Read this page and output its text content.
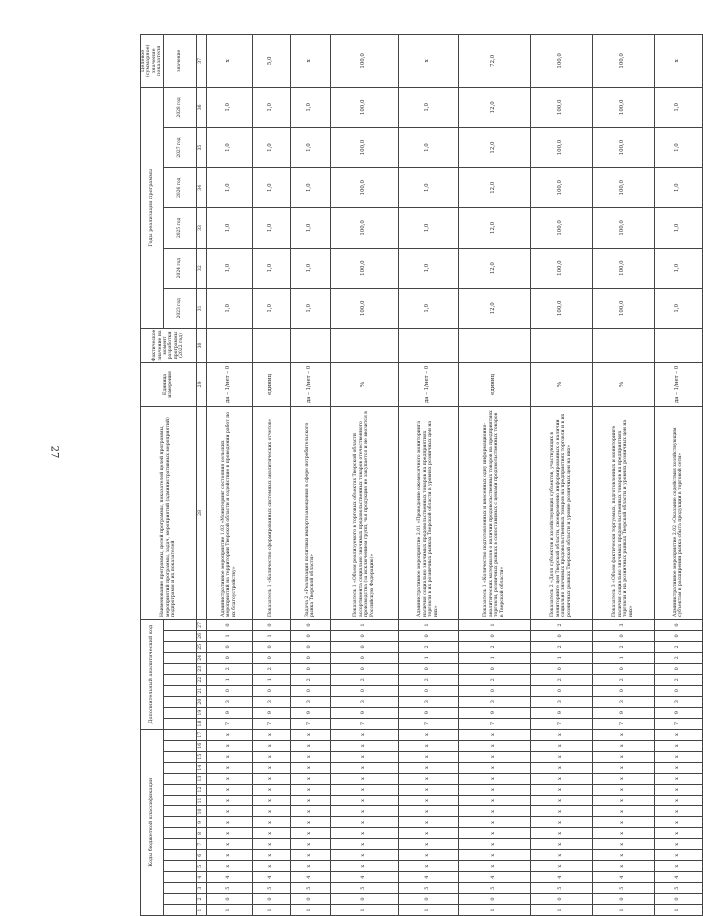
27
Коды бюджетной классификации																	Дополнительный аналитический код										Наименование программы, целей программы, показателей целей программы, мероприятий программы, задач, мероприятий (административных мероприятий) подпрограмм и их показателей	Единица измерения	Фактическое значение на момент разработки программы (2022 год)	Годы реализации программы						Целевое (суммарное) значение показателя
																														2023 год	2024 год	2025 год	2026 год	2027 год	2028 год	значение
1	2	3	4	5	6	7	8	9	10	11	12	13	14	15	16	17	18	19	20	21	22	23	24	25	26	27	28	29	30	31	32	33	34	35	36	37
1	0	5	4	x	x	x	x	x	x	x	x	x	x	x	x	x	7	9	3	0	1	2	0	0	1	0	Административное мероприятие 1.03 «Мониторинг состояния сельских мероприятий на территории Тверской области и содействие в проведении работ по их благоустройству»	да – 1/нет – 0		1,0	1,0	1,0	1,0	1,0	1,0	x
1	0	5	4	x	x	x	x	x	x	x	x	x	x	x	x	x	7	9	3	0	1	2	0	0	1	0	Показатель 1 «Количество сформированных системных аналитических отчетов»	единиц		1,0	1,0	1,0	1,0	1,0	1,0	5,0
1	0	5	4	x	x	x	x	x	x	x	x	x	x	x	x	x	7	9	3	0	2	0	0	0	0	0	Задача 2 «Реализация политики импортозамещения в сфере потребительского рынка Тверской области»	да – 1/нет – 0		1,0	1,0	1,0	1,0	1,0	1,0	x
1	0	5	4	x	x	x	x	x	x	x	x	x	x	x	x	x	7	9	3	0	2	0	0	0	0	1	Показатель 1 «Объем реализуемого в торговых объектах Тверской области ассортимента социально значимых продовольственных товаров отечественного производства (за исключением групп, чья продукция не закупается и не ввозится в Российскую Федерацию)»	%		100,0	100,0	100,0	100,0	100,0	100,0	100,0
1	0	5	4	x	x	x	x	x	x	x	x	x	x	x	x	x	7	9	3	0	2	0	1	2	0	1	Административное мероприятие 2.01 «Проведение ежемесячного мониторинга наличия социально значимых продовольственных товаров на предприятиях торговли в их розничных рынках Тверской области в уровнях розничных цен на них»	да – 1/нет – 0		1,0	1,0	1,0	1,0	1,0	1,0	x
1	0	5	4	x	x	x	x	x	x	x	x	x	x	x	x	x	7	9	3	0	2	0	1	2	0	1	Показатель 1 «Количество подготовленных и внесенных одну информационно-аналитических материалов о наличии продовольственных товаров на предприятиях торговли, розничных рынках в сопоставимых с ценами продовольственных товаров в Тверской области»	единиц		12,0	12,0	12,0	12,0	12,0	12,0	72,0
1	0	5	4	x	x	x	x	x	x	x	x	x	x	x	x	x	7	9	3	0	2	0	1	2	0	2	Показатель 2 «Доля субъектов и хозяйствующих субъектов, участвующих в мониторинге цен Тверской области, своевременно информированных о наличии социально значимых продовольственных товаров на предприятиях торговли и в их розничных рынках Тверской области и уровне розничных цен на них»	%		100,0	100,0	100,0	100,0	100,0	100,0	100,0
1	0	5	4	x	x	x	x	x	x	x	x	x	x	x	x	x	7	9	3	0	2	0	1	2	0	3	Показатель 3 «Объем фактически торгуемых, подготовленных и мониторинге наличия социально значимых продовольственных товаров на предприятиях торговли и на розничных рынках Тверской области и уровнях розничных цен на них»	%		100,0	100,0	100,0	100,0	100,0	100,0	100,0
1	0	5	4	x	x	x	x	x	x	x	x	x	x	x	x	x	7	9	3	0	2	0	2	2	0	0	Административное мероприятие 2.02 «Оказание содействия хозяйствующим субъектам в расширении рынка сбыта продукции в торговой сети»	да – 1/нет – 0		1,0	1,0	1,0	1,0	1,0	1,0	x
